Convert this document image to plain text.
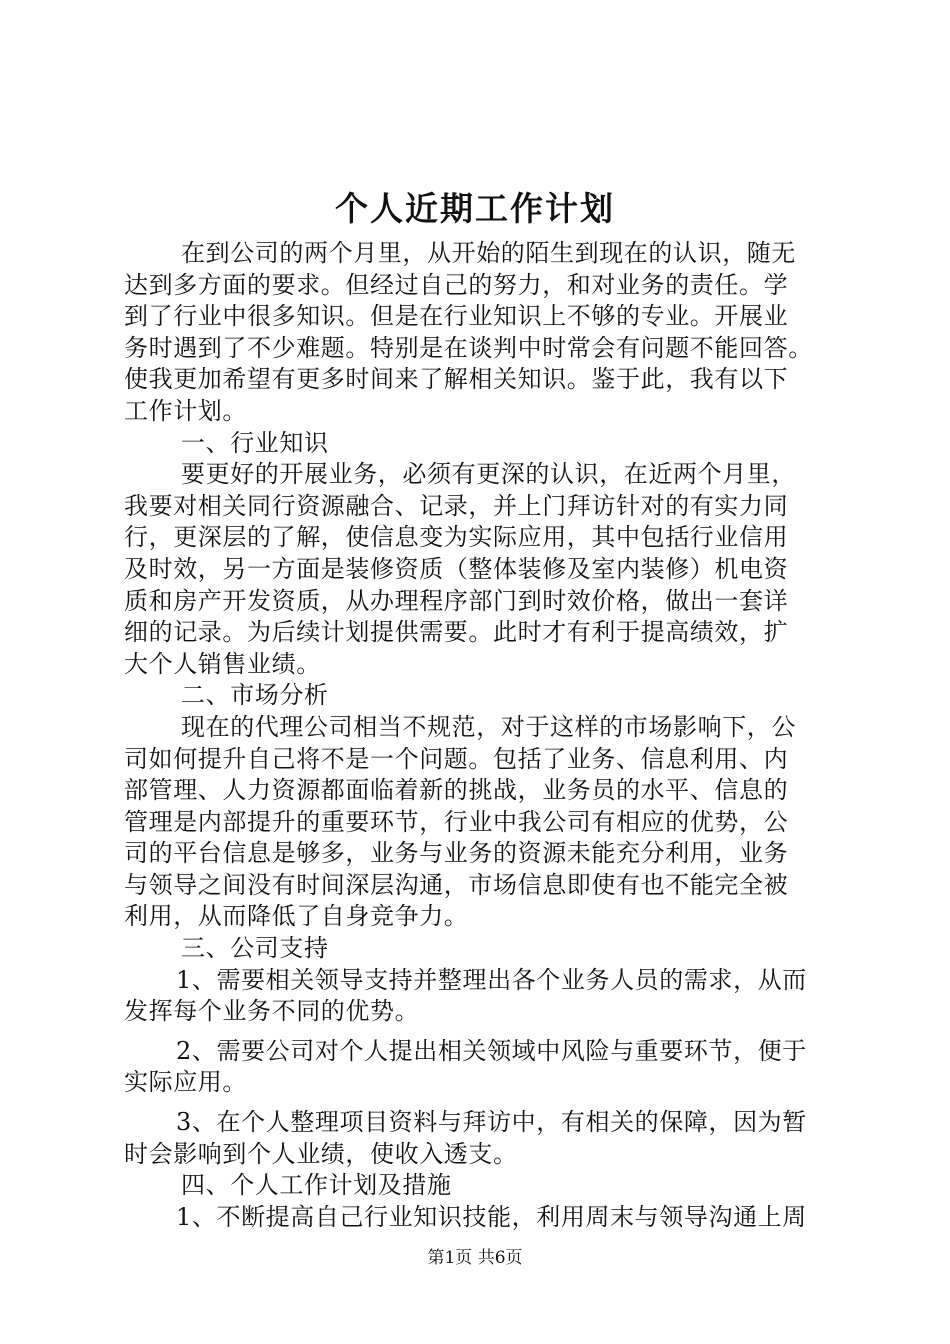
个人近期工作计划
在到公司的两个月里，从开始的陌生到现在的认识，随无
达到多方面的要求。但经过自己的努力，和对业务的责任。学
到了行业中很多知识。但是在行业知识上不够的专业。开展业
务时遇到了不少难题。特别是在谈判中时常会有问题不能回答。
使我更加希望有更多时间来了解相关知识。鉴于此，我有以下
工作计划。
一、行业知识
要更好的开展业务，必须有更深的认识，在近两个月里，
我要对相关同行资源融合、记录，并上门拜访针对的有实力同
行，更深层的了解，使信息变为实际应用，其中包括行业信用
及时效，另一方面是装修资质（整体装修及室内装修）机电资
质和房产开发资质，从办理程序部门到时效价格，做出一套详
细的记录。为后续计划提供需要。此时才有利于提高绩效，扩
大个人销售业绩。
二、市场分析
现在的代理公司相当不规范，对于这样的市场影响下，公
司如何提升自己将不是一个问题。包括了业务、信息利用、内
部管理、人力资源都面临着新的挑战，业务员的水平、信息的
管理是内部提升的重要环节，行业中我公司有相应的优势，公
司的平台信息是够多，业务与业务的资源未能充分利用，业务
与领导之间没有时间深层沟通，市场信息即使有也不能完全被
利用，从而降低了自身竞争力。
三、公司支持
1、需要相关领导支持并整理出各个业务人员的需求，从而
发挥每个业务不同的优势。
2、需要公司对个人提出相关领域中风险与重要环节，便于
实际应用。
3、在个人整理项目资料与拜访中，有相关的保障，因为暂
时会影响到个人业绩，使收入透支。
四、个人工作计划及措施
1、不断提高自己行业知识技能，利用周末与领导沟通上周
第1页 共6页
